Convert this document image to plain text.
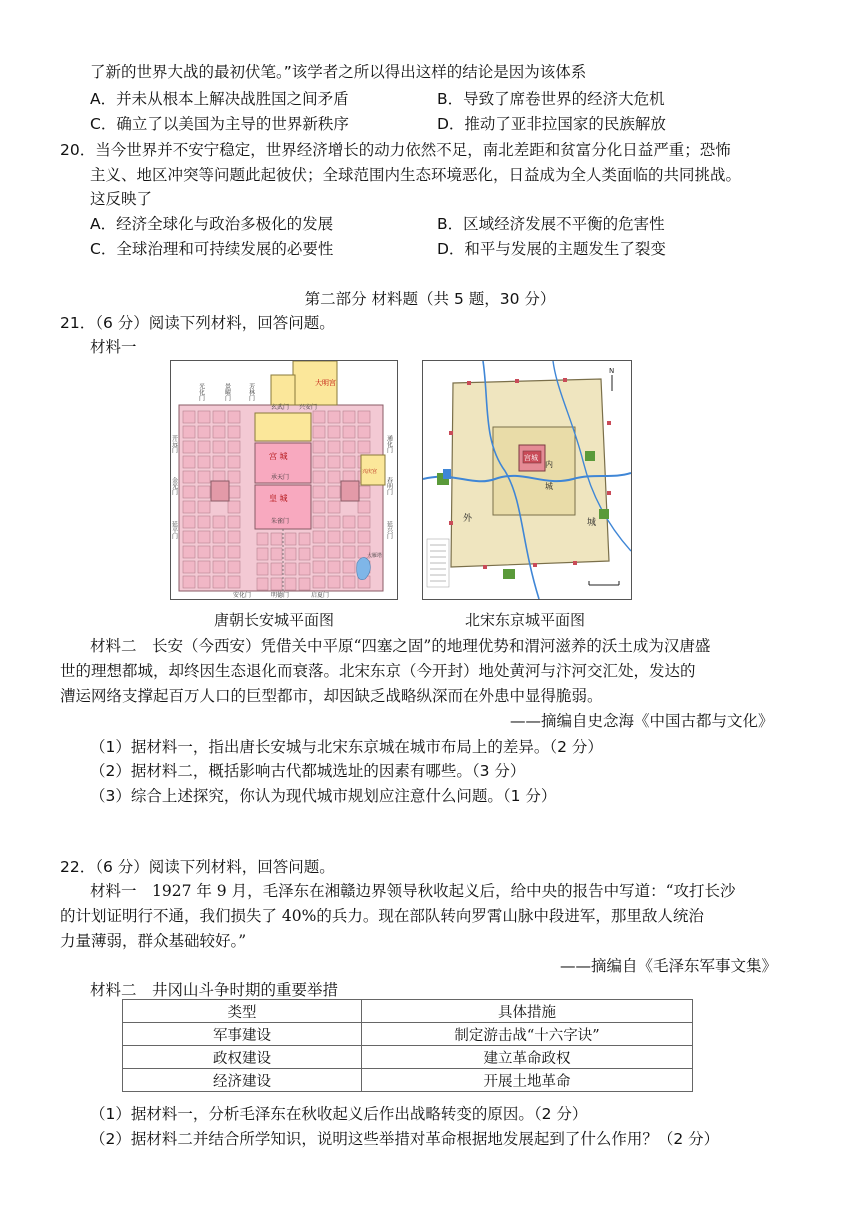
了新的世界大战的最初伏笔。”该学者之所以得出这样的结论是因为该体系
A．并未从根本上解决战胜国之间矛盾	B．导致了席卷世界的经济大危机
C．确立了以美国为主导的世界新秩序	D．推动了亚非拉国家的民族解放
20．当今世界并不安宁稳定，世界经济增长的动力依然不足，南北差距和贫富分化日益严重；恐怖
主义、地区冲突等问题此起彼伏；全球范围内生态环境恶化，日益成为全人类面临的共同挑战。
这反映了
A．经济全球化与政治多极化的发展	B．区域经济发展不平衡的危害性
C．全球治理和可持续发展的必要性	D．和平与发展的主题发生了裂变
第二部分 材料题（共 5 题，30 分）
21．（6 分）阅读下列材料，回答问题。
材料一
大明宫
玄武门 兴安门
宫 城
承天门
皇 城
朱雀门
兴庆宫
大雁塔
光化门	景曜门	芳林门
开远门
金光门
延平门
通化门
春明门
延兴门
安化门	明德门	启夏门
唐朝长安城平面图
宫城
内
城
外	城
N
北宋东京城平面图
材料二　长安（今西安）凭借关中平原“四塞之固”的地理优势和渭河滋养的沃土成为汉唐盛
世的理想都城，却终因生态退化而衰落。北宋东京（今开封）地处黄河与汴河交汇处，发达的
漕运网络支撑起百万人口的巨型都市，却因缺乏战略纵深而在外患中显得脆弱。
——摘编自史念海《中国古都与文化》
（1）据材料一，指出唐长安城与北宋东京城在城市布局上的差异。（2 分）
（2）据材料二，概括影响古代都城选址的因素有哪些。（3 分）
（3）综合上述探究，你认为现代城市规划应注意什么问题。（1 分）
22．（6 分）阅读下列材料，回答问题。
材料一　1927 年 9 月，毛泽东在湘赣边界领导秋收起义后，给中央的报告中写道：“攻打长沙
的计划证明行不通，我们损失了 40%的兵力。现在部队转向罗霄山脉中段进军，那里敌人统治
力量薄弱，群众基础较好。”
——摘编自《毛泽东军事文集》
材料二　井冈山斗争时期的重要举措
类型	具体措施
军事建设	制定游击战“十六字诀”
政权建设	建立革命政权
经济建设	开展土地革命
（1）据材料一，分析毛泽东在秋收起义后作出战略转变的原因。（2 分）
（2）据材料二并结合所学知识，说明这些举措对革命根据地发展起到了什么作用？（2 分）
